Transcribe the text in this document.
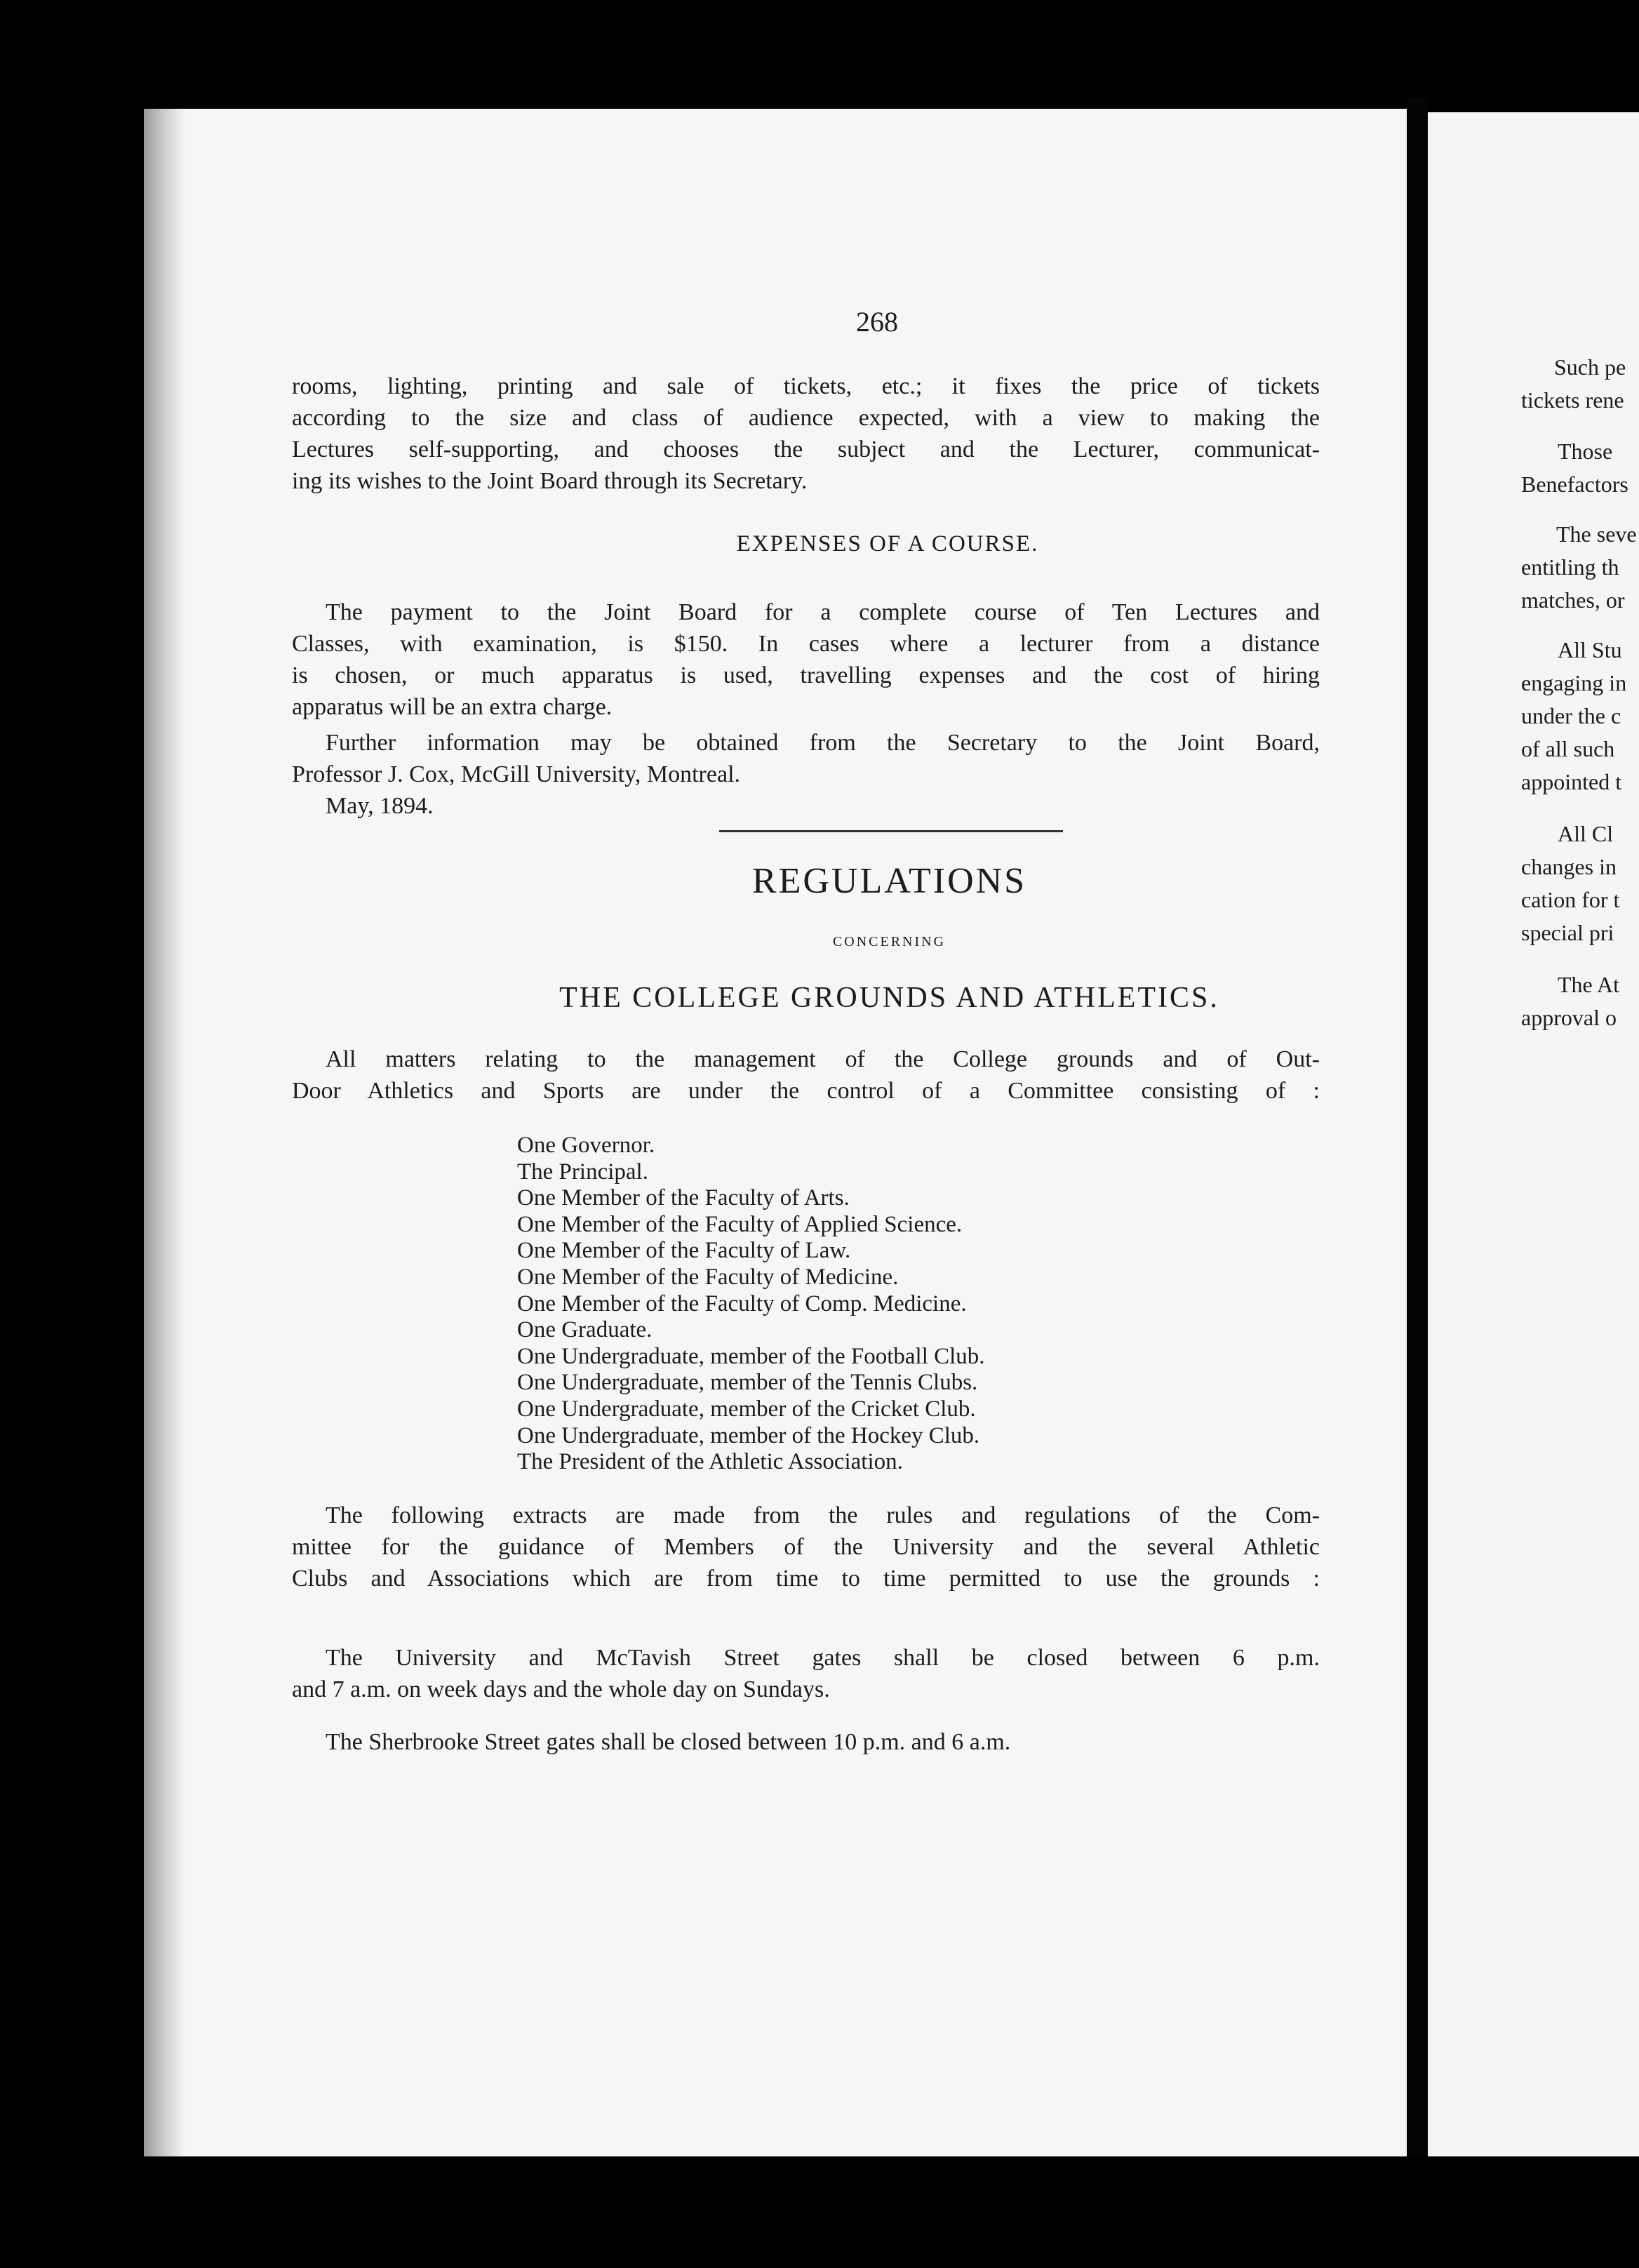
268
rooms, lighting, printing and sale of tickets, etc.; it fixes the price of tickets
according to the size and class of audience expected, with a view to making the
Lectures self-supporting, and chooses the subject and the Lecturer, communicat-
ing its wishes to the Joint Board through its Secretary.
EXPENSES OF A COURSE.
The payment to the Joint Board for a complete course of Ten Lectures and
Classes, with examination, is $150. In cases where a lecturer from a distance
is chosen, or much apparatus is used, travelling expenses and the cost of hiring
apparatus will be an extra charge.
Further information may be obtained from the Secretary to the Joint Board,
Professor J. Cox, McGill University, Montreal.
May, 1894.
REGULATIONS
CONCERNING
THE COLLEGE GROUNDS AND ATHLETICS.
All matters relating to the management of the College grounds and of Out-
Door Athletics and Sports are under the control of a Committee consisting of :
One Governor.
The Principal.
One Member of the Faculty of Arts.
One Member of the Faculty of Applied Science.
One Member of the Faculty of Law.
One Member of the Faculty of Medicine.
One Member of the Faculty of Comp. Medicine.
One Graduate.
One Undergraduate, member of the Football Club.
One Undergraduate, member of the Tennis Clubs.
One Undergraduate, member of the Cricket Club.
One Undergraduate, member of the Hockey Club.
The President of the Athletic Association.
The following extracts are made from the rules and regulations of the Com-
mittee for the guidance of Members of the University and the several Athletic
Clubs and Associations which are from time to time permitted to use the grounds :
The University and McTavish Street gates shall be closed between 6 p.m.
and 7 a.m. on week days and the whole day on Sundays.
The Sherbrooke Street gates shall be closed between 10 p.m. and 6 a.m.
Such pe
tickets rene
Those
Benefactors
The seve
entitling th
matches, or
All Stu
engaging in
under the c
of all such
appointed t
All Cl
changes in
cation for t
special pri
The At
approval o
